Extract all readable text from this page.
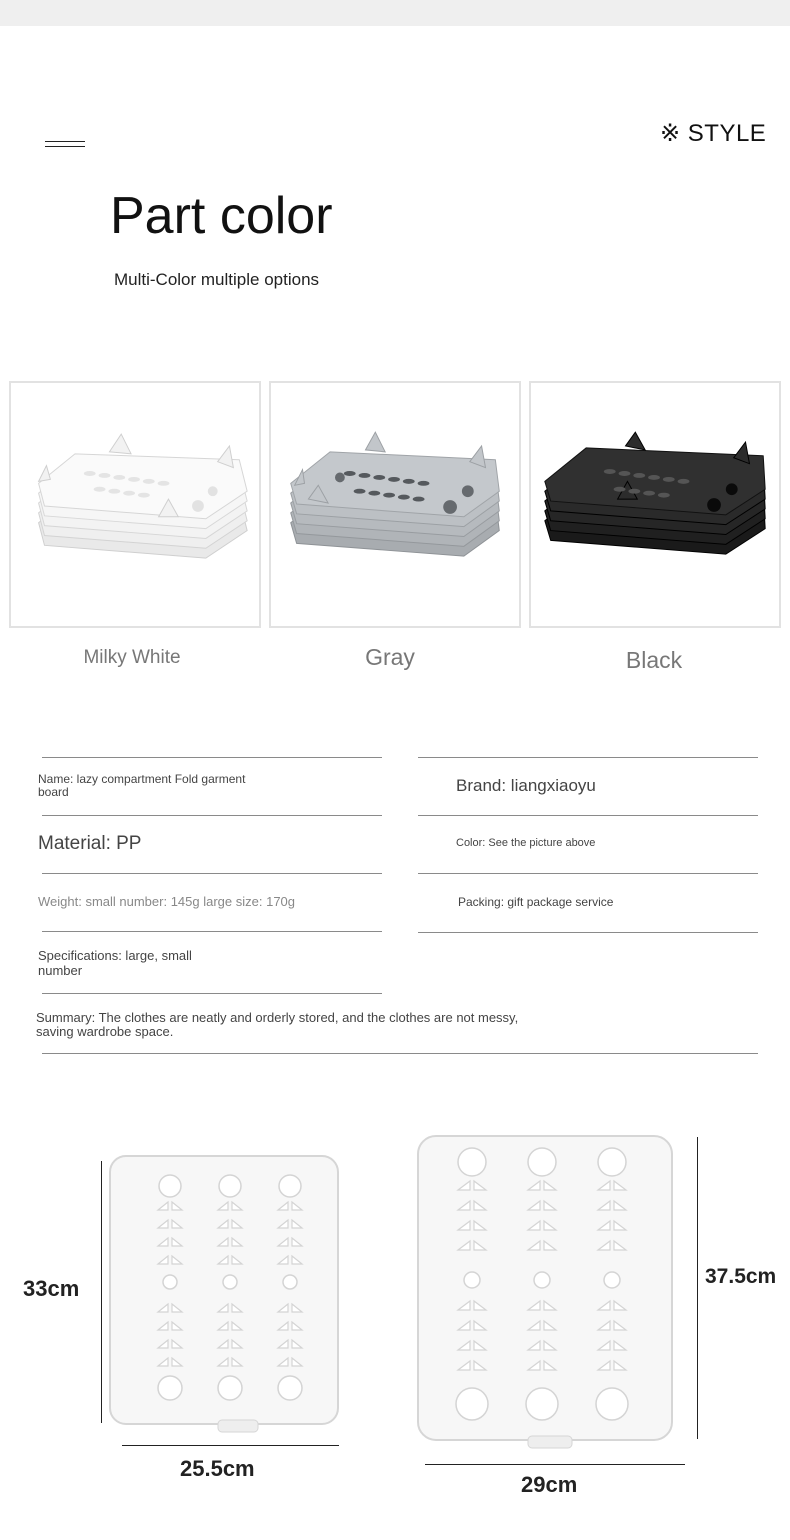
※ STYLE
Part color
Multi-Color multiple options
Milky White	Gray	Black
Name: lazy compartment Fold garment board	Brand: liangxiaoyu
Material: PP	Color: See the picture above
Weight: small number: 145g large size: 170g	Packing: gift package service
Specifications: large, small number
Summary: The clothes are neatly and orderly stored, and the clothes are not messy, saving wardrobe space.
33cm
25.5cm
37.5cm
29cm
